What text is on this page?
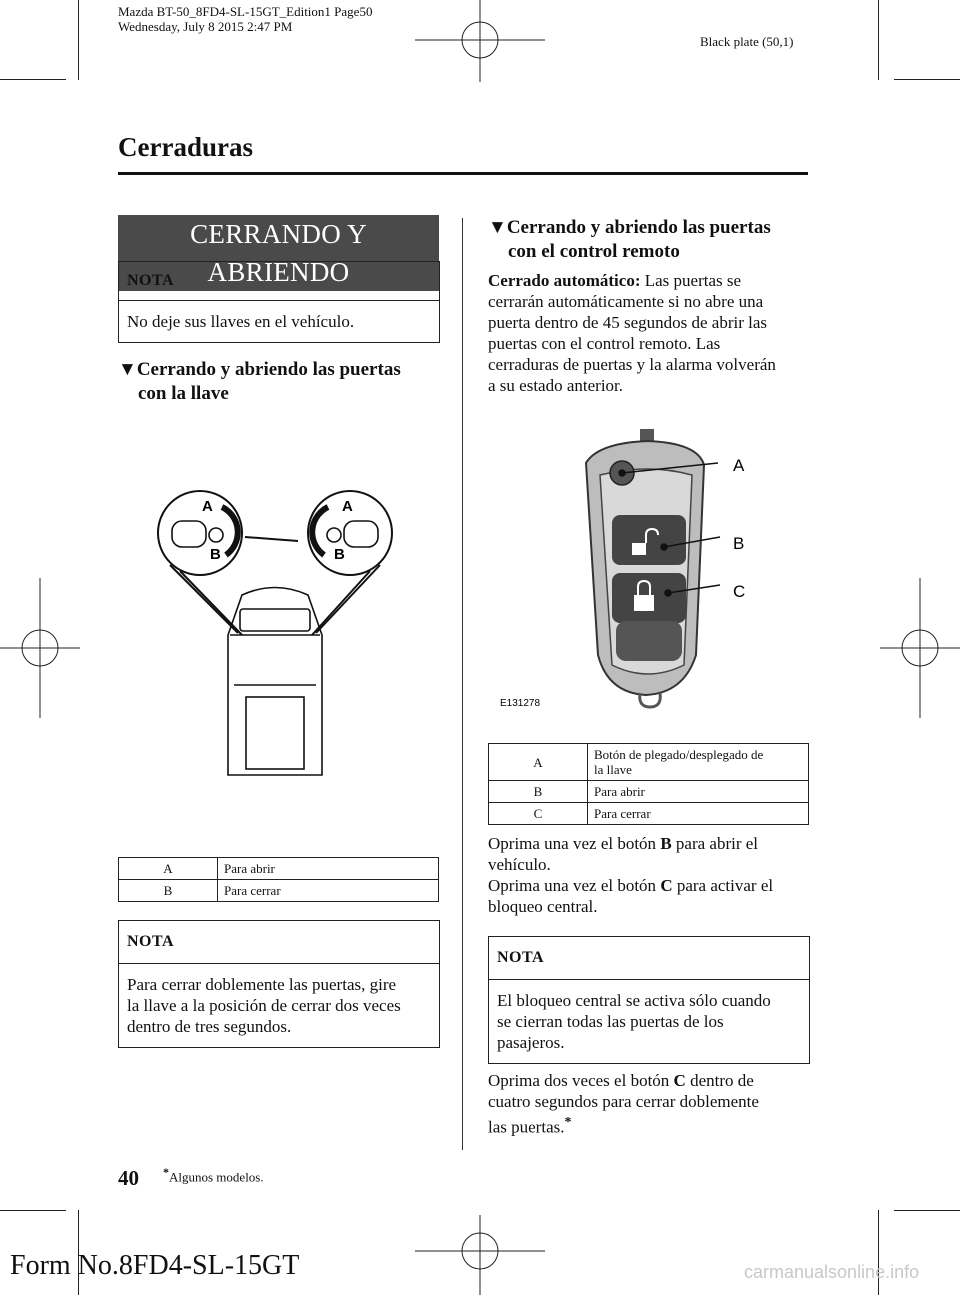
Mazda BT-50_8FD4-SL-15GT_Edition1 Page50
Wednesday, July 8 2015 2:47 PM
Black plate (50,1)
Cerraduras
CERRANDO Y ABRIENDO
NOTA
No deje sus llaves en el vehículo.
▼Cerrando y abriendo las puertas
con la llave
A
B
A
B
A	Para abrir
B	Para cerrar
NOTA
Para cerrar doblemente las puertas, gire
la llave a la posición de cerrar dos veces
dentro de tres segundos.
▼Cerrando y abriendo las puertas
con el control remoto
Cerrado automático: Las puertas se
cerrarán automáticamente si no abre una
puerta dentro de 45 segundos de abrir las
puertas con el control remoto. Las
cerraduras de puertas y la alarma volverán
a su estado anterior.
A
B
C
E131278
A	Botón de plegado/desplegado de
la llave

B	Para abrir
C	Para cerrar
Oprima una vez el botón B para abrir el
vehículo.
Oprima una vez el botón C para activar el
bloqueo central.
NOTA
El bloqueo central se activa sólo cuando
se cierran todas las puertas de los
pasajeros.
Oprima dos veces el botón C dentro de
cuatro segundos para cerrar doblemente
las puertas.*
40 *Algunos modelos.
Form No.8FD4-SL-15GT	carmanualsonline.info
